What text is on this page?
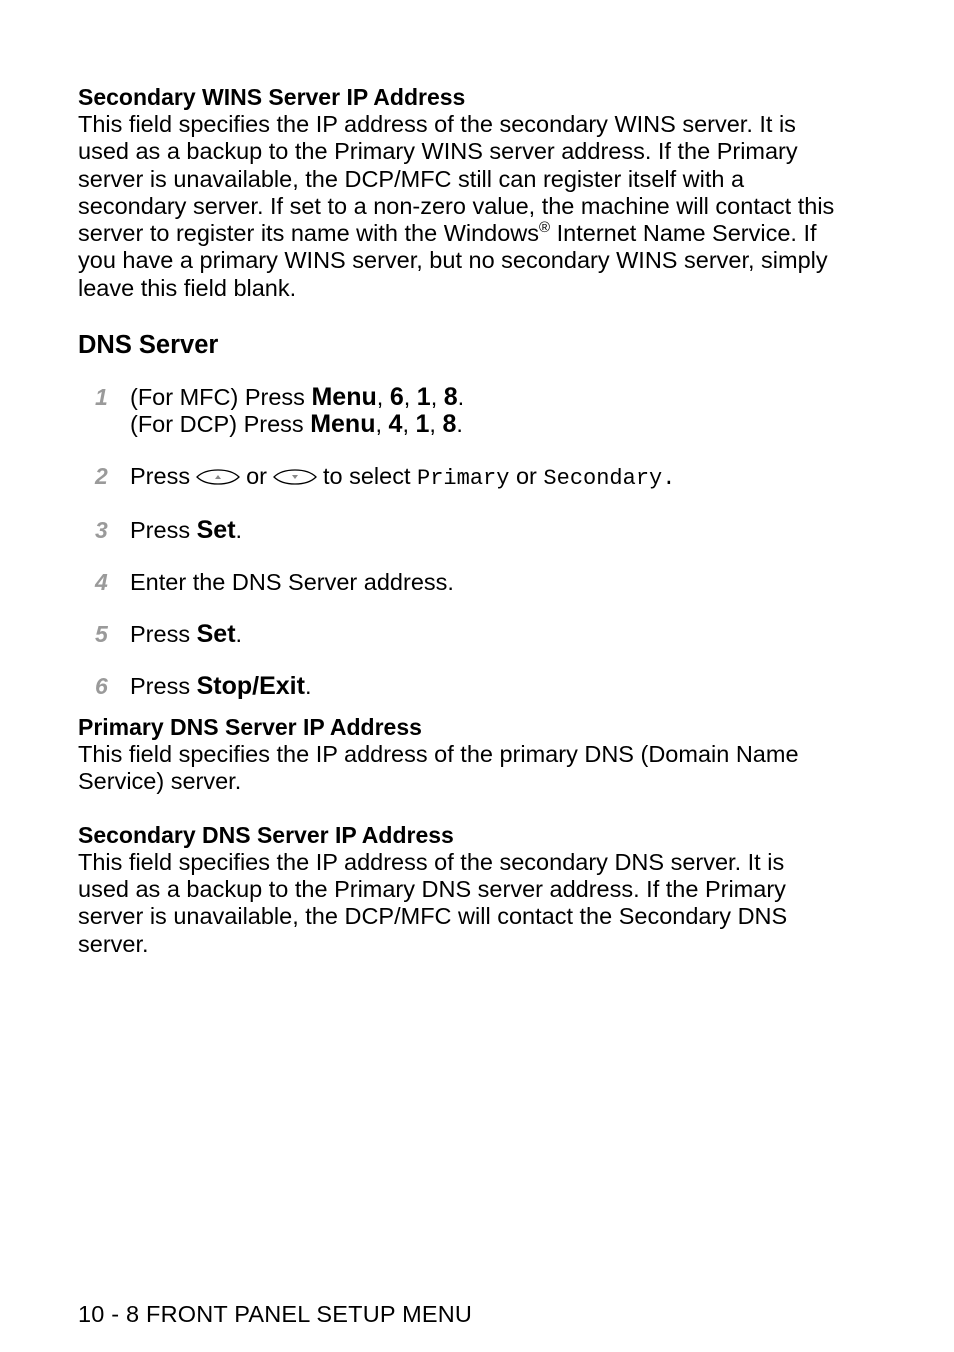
Secondary WINS Server IP Address

This field specifies the IP address of the secondary WINS server. It is used as a backup to the Primary WINS server address. If the Primary server is unavailable, the DCP/MFC still can register itself with a secondary server. If set to a non-zero value, the machine will contact this server to register its name with the Windows® Internet Name Service. If you have a primary WINS server, but no secondary WINS server, simply leave this field blank.

DNS Server
1 (For MFC) Press Menu, 6, 1, 8.
(For DCP) Press Menu, 4, 1, 8.
2 Press or to select Primary or Secondary.
3 Press Set.
4 Enter the DNS Server address.
5 Press Set.
6 Press Stop/Exit.
Primary DNS Server IP Address

This field specifies the IP address of the primary DNS (Domain Name Service) server.

Secondary DNS Server IP Address

This field specifies the IP address of the secondary DNS server. It is used as a backup to the Primary DNS server address. If the Primary server is unavailable, the DCP/MFC will contact the Secondary DNS server.

10 - 8 FRONT PANEL SETUP MENU
